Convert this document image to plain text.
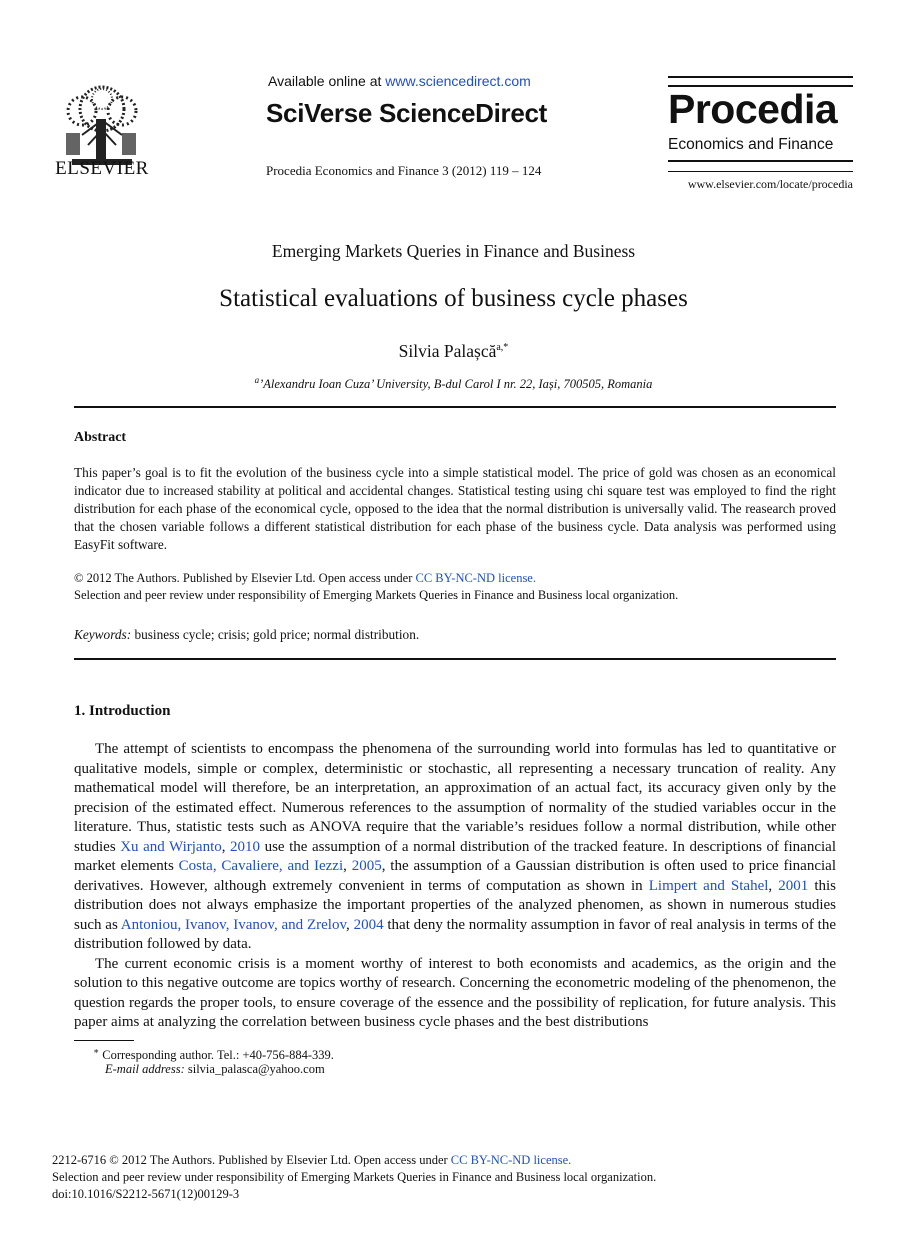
ELSEVIER
Available online at www.sciencedirect.com
SciVerse ScienceDirect
Procedia Economics and Finance 3 (2012) 119 – 124
Procedia
Economics and Finance
www.elsevier.com/locate/procedia
Emerging Markets Queries in Finance and Business
Statistical evaluations of business cycle phases
Silvia Palașcă$^{a,*}$
$^a$’Alexandru Ioan Cuza’ University, B-dul Carol I nr. 22, Iași, 700505, Romania
Abstract
This paper’s goal is to fit the evolution of the business cycle into a simple statistical model. The price of gold was chosen as an economical indicator due to increased stability at political and accidental changes. Statistical testing using chi square test was employed to find the right distribution for each phase of the economical cycle, opposed to the idea that the normal distribution is universally valid. The reasearch proved that the chosen variable follows a different statistical distribution for each phase of the business cycle. Data analysis was performed using EasyFit software.
© 2012 The Authors. Published by Elsevier Ltd. Open access under CC BY-NC-ND license.
Selection and peer review under responsibility of Emerging Markets Queries in Finance and Business local organization.
Keywords: business cycle; crisis; gold price; normal distribution.
1. Introduction

The attempt of scientists to encompass the phenomena of the surrounding world into formulas has led to quantitative or qualitative models, simple or complex, deterministic or stochastic, all representing a necessary truncation of reality. Any mathematical model will therefore, be an interpretation, an approximation of an actual fact, its accuracy given only by the precision of the estimated effect. Numerous references to the assumption of normality of the studied variables occur in the literature. Thus, statistic tests such as ANOVA require that the variable’s residues follow a normal distribution, while other studies Xu and Wirjanto, 2010 use the assumption of a normal distribution of the tracked feature. In descriptions of financial market elements Costa, Cavaliere, and Iezzi, 2005, the assumption of a Gaussian distribution is often used to price financial derivatives. However, although extremely convenient in terms of computation as shown in Limpert and Stahel, 2001 this distribution does not always emphasize the important properties of the analyzed phenomen, as shown in numerous studies such as Antoniou, Ivanov, Ivanov, and Zrelov, 2004 that deny the normality assumption in favor of real analysis in terms of the distribution followed by data.

The current economic crisis is a moment worthy of interest to both economists and academics, as the origin and the solution to this negative outcome are topics worthy of research. Concerning the econometric modeling of the phenomenon, the question regards the proper tools, to ensure coverage of the essence and the possibility of replication, for future analysis. This paper aims at analyzing the correlation between business cycle phases and the best distributions

∗ Corresponding author. Tel.: +40-756-884-339.
E-mail address: silvia_palasca@yahoo.com
2212-6716 © 2012 The Authors. Published by Elsevier Ltd. Open access under CC BY-NC-ND license.
Selection and peer review under responsibility of Emerging Markets Queries in Finance and Business local organization.
doi:10.1016/S2212-5671(12)00129-3
